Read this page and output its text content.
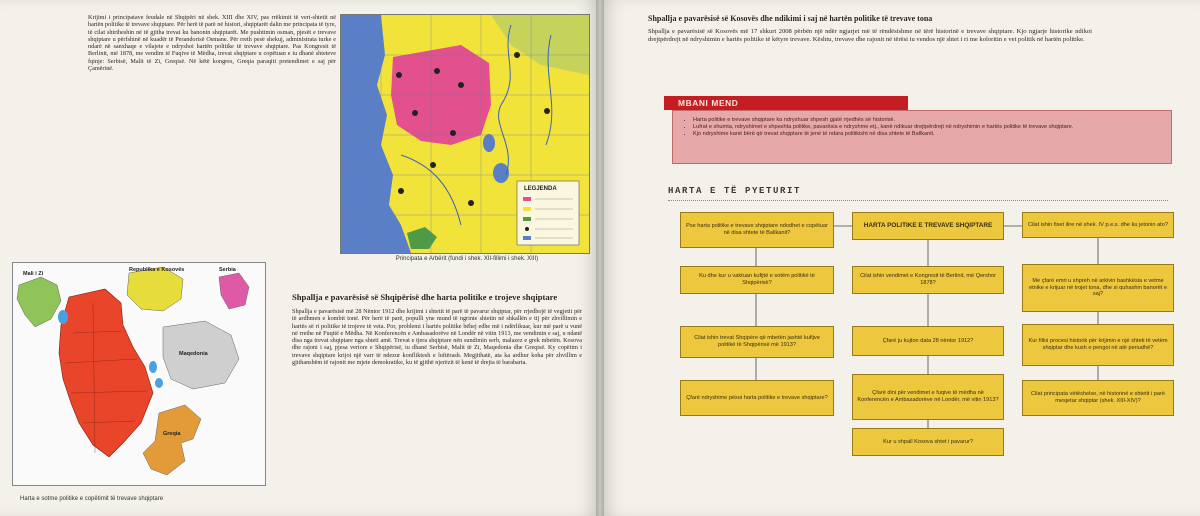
Krijimi i principatave feudale në Shqipëri në shek. XIII dhe XIV, pas rrëkimit të veri-shtetit në hartën politike të trevave shqiptare. Për herë të parë në histori, shqiptarët dalin me principata të tyre, të cilat shtriheshin në të gjitha trevat ku banonin shqiptarët. Me pushtimin osman, pjesët e trevave shqiptare u përfshinë në kuadër të Perandorisë Osmane. Për rreth pesë shekuj, administrata turke e ndarë në sanxhaqe e vilajete e ndryshoi hartën politike të trevave shqiptare. Pas Kongresit të Berlinit, më 1878, me vendim të Fuqive të Mëdha, trevat shqiptare u copëtuan e iu dhanë shteteve fqinje: Serbisë, Malit të Zi, Greqisë. Në këtë kongres, Greqia paraqiti pretendimet e saj për Çamërinë.
LEGJENDA
Principata e Arbërit (fundi i shek. XII-fillimi i shek. XIII)
Mali i Zi
Republika e Kosovës	Serbia
Maqedonia
Greqia
Harta e sotme politike e copëtimit të trevave shqiptare
Shpallja e pavarësisë së Shqipërisë dhe harta politike e trojeve shqiptare
Shpallja e pavarësisë më 28 Nëntor 1912 dhe krijimi i shtetit të parë të pavarur shqiptar, për rrjedhojë të vegjetit për të ardhmen e kombit tonë. Për herë të parë, populli yne mund të ngrinte shtetin në shkallën e tij për zhvillimin e hartës së ri politike të trojeve të veta. Por, problemi i hartës politike bëhej edhe më i ndërlikuar, kur më parë u vunë në rrethe në Fuqitë e Mëdha. Në Konferencën e Ambasadorëve në Londër në vitin 1913, me vendimin e saj, u ndanë disa nga trevat shqiptare nga shteti amë. Trevat e tjera shqiptare nën sundimin serb, malazez e grek mbetën. Kosova dhe rajoni i saj, pjesa veriore e Shqipërisë, iu dhanë Serbisë, Malit të Zi, Maqedonia dhe Greqisë. Ky copëtim i trevave shqiptare krijoi një varr të ndezur konfliktesh e luftërash. Megjithatë, ata ka ardhur koha për zhvillim e gjithanshëm të rajonit me mjete demokratike, ku të gjithë njerëzit të kenë të drejta të barabarta.
Shpallja e pavarësisë së Kosovës dhe ndikimi i saj në hartën politike të trevave tona
Shpallja e pavarësisë së Kosovës më 17 shkurt 2008 përbën një ndër ngjarjet më të rëndësishme në tërë historinë e trevave shqiptare. Kjo ngjarje historike ndikoi drejtpërdrejt në ndryshimin e hartës politike të këtyre trevave. Kështu, trevave dhe rajonit në tërësi iu vendos një shtet i ri me koloritin e vet politik në hartën politike.
MBANI MEND
• Harta politike e trevave shqiptare ka ndryshuar shpesh gjatë rrjedhës së historisë.
• Lufrat e shumta, ndryshimet e shpeshta politike, pavarësia e ndryshme etj., kanë ndikuar drejtpërdrejt në ndryshimin e hartës politike të trevave shqiptare.
• Kjo ndryshime kanë bërë që trevat shqiptare të jenë të ndara politikisht në disa shtete të Ballkanit.
HARTA E TË PYETURIT
HARTA POLITIKE E TREVAVE SHQIPTARE
Pse harta politike e trevave shqiptare ndodhet e copëtuar në disa shtete të Ballkanit?
Ku dhe kur u vaktuan kufijtë e sotëm politikë të Shqipërisë?
Cilat ishin trevat Shqipëre që mbetën jashtë kufijve politikë të Shqipërisë më 1913?
Çfarë ndryshime pësoi harta politike e trevave shqiptare?
Cilat ishin vendimet e Kongresit të Berlinit, më Qershor 1878?
Çfarë ju kujton data 28 nëntor 1912?
Çfarë dini për vendimet e fuqive të mëdha në Konferencën e Ambasadorëve në Londër, më vitin 1913?
Kur u shpall Kosova shtet i pavarur?
Cilat ishin fiset ilire në shek. IV p.e.s. dhe ku jetonin ato?
Me çfarë emri u shpreh në arkivin bashkësia e vetme etnike e krijuar në trojet tona, dhe si quhashin banorët e saj?
Kur filloi procesi historik për krijimin e një shteti të vetëm shqiptar dhe kush e pengoi në atë periudhë?
Cilat principata vëtëshelse, në historinë e shtetit i parë mesjetar shqiptar (shek. XIII-XIV)?
